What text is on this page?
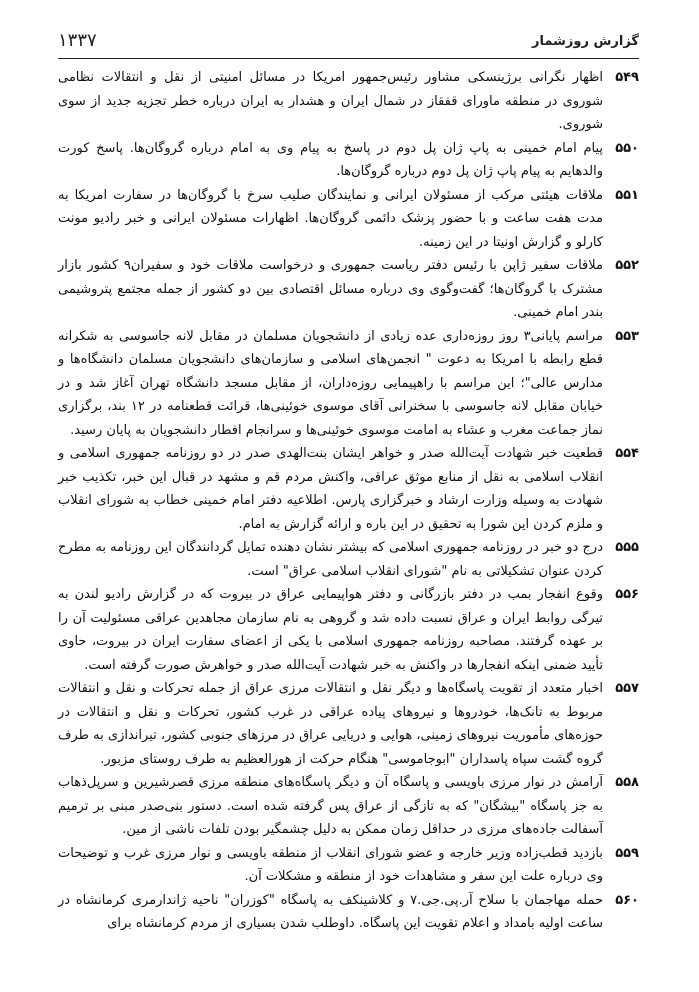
گزارش روزشمار
۱۳۳۷
۵۴۹
اظهار نگرانی برژینسکی مشاور رئیس‌جمهور امریکا در مسائل امنیتی از نقل و انتقالات نظامی شوروی در منطقه ماورای قفقاز در شمال ایران و هشدار به ایران درباره خطر تجزیه جدید از سوی شوروی.
۵۵۰
پیام امام خمینی به پاپ ژان پل دوم در پاسخ به پیام وی به امام درباره گروگان‌ها. پاسخ کورت والدهایم به پیام پاپ ژان پل دوم درباره گروگان‌ها.
۵۵۱
ملاقات هیئتی مرکب از مسئولان ایرانی و نمایندگان صلیب سرخ با گروگان‌ها در سفارت امریکا به مدت هفت ساعت و با حضور پزشک دائمی گروگان‌ها. اظهارات مسئولان ایرانی و خبر رادیو مونت کارلو و گزارش اونیتا در این زمینه.
۵۵۲
ملاقات سفیر ژاپن با رئیس دفتر ریاست جمهوری و درخواست ملاقات خود و سفیران۹ کشور بازار مشترک با گروگان‌ها؛ گفت‌وگوی وی درباره مسائل اقتصادی بین دو کشور از جمله مجتمع پتروشیمی بندر امام خمینی.
۵۵۳
مراسم پایانی۳ روز روزه‌داری عده زیادی از دانشجویان مسلمان در مقابل لانه جاسوسی به شکرانه قطع رابطه با امریکا به دعوت " انجمن‌های اسلامی و سازمان‌های دانشجویان مسلمان دانشگاه‌ها و مدارس عالی"؛ این مراسم با راهپیمایی روزه‌داران، از مقابل مسجد دانشگاه تهران آغاز شد و در خیابان مقابل لانه جاسوسی با سخنرانی آقای موسوی خوئینی‌ها، قرائت قطعنامه در ۱۲ بند، برگزاری نماز جماعت مغرب و عشاء به امامت موسوی خوئینی‌ها و سرانجام افطار دانشجویان به پایان رسید.
۵۵۴
قطعیت خبر شهادت آیت‌الله صدر و خواهر ایشان بنت‌الهدی صدر در دو روزنامه جمهوری اسلامی و انقلاب اسلامی به نقل از منابع موثق عراقی، واکنش مردم قم و مشهد در قبال این خبر، تکذیب خبر شهادت به وسیله وزارت ارشاد و خبرگزاری پارس. اطلاعیه دفتر امام خمینی خطاب به شورای انقلاب و ملزم کردن این شورا به تحقیق در این باره و ارائه گزارش به امام.
۵۵۵
درج دو خبر در روزنامه جمهوری اسلامی که بیشتر نشان دهنده تمایل گردانندگان این روزنامه به مطرح کردن عنوان تشکیلاتی به نام "شورای انقلاب اسلامی عراق" است.
۵۵۶
وقوع انفجار بمب در دفتر بازرگانی و دفتر هواپیمایی عراق در بیروت که در گزارش رادیو لندن به تیرگی روابط ایران و عراق نسبت داده شد و گروهی به نام سازمان مجاهدین عراقی مسئولیت آن را بر عهده گرفتند. مصاحبه روزنامه جمهوری اسلامی با یکی از اعضای سفارت ایران در بیروت، حاوی تأیید ضمنی اینکه انفجارها در واکنش به خبر شهادت آیت‌الله صدر و خواهرش صورت گرفته است.
۵۵۷
اخبار متعدد از تقویت پاسگاه‌ها و دیگر نقل و انتقالات مرزی عراق از جمله تحرکات و نقل و انتقالات مربوط به تانک‌ها، خودروها و نیروهای پیاده عراقی در غرب کشور، تحرکات و نقل و انتقالات در حوزه‌های مأموریت نیروهای زمینی، هوایی و دریایی عراق در مرزهای جنوبی کشور، تیراندازی به طرف گروه گشت سپاه پاسداران "ابوجاموسی" هنگام حرکت از هورالعظیم به طرف روستای مزبور.
۵۵۸
آرامش در نوار مرزی باویسی و پاسگاه آن و دیگر پاسگاه‌های منطقه مرزی قصرشیرین و سرپل‌ذهاب به جز پاسگاه "بیشگان" که به تازگی از عراق پس گرفته شده است. دستور بنی‌صدر مبنی بر ترمیم آسفالت جاده‌های مرزی در حداقل زمان ممکن به دلیل چشمگیر بودن تلفات ناشی از مین.
۵۵۹
بازدید قطب‌زاده وزیر خارجه و عضو شورای انقلاب از منطقه باویسی و نوار مرزی غرب و توضیحات وی درباره علت این سفر و مشاهدات خود از منطقه و مشکلات آن.
۵۶۰
حمله مهاجمان با سلاح آر.پی.جی.۷ و کلاشینکف به پاسگاه "کوزران" ناحیه ژاندارمری کرمانشاه در ساعت اولیه بامداد و اعلام تقویت این پاسگاه. داوطلب شدن بسیاری از مردم کرمانشاه برای
